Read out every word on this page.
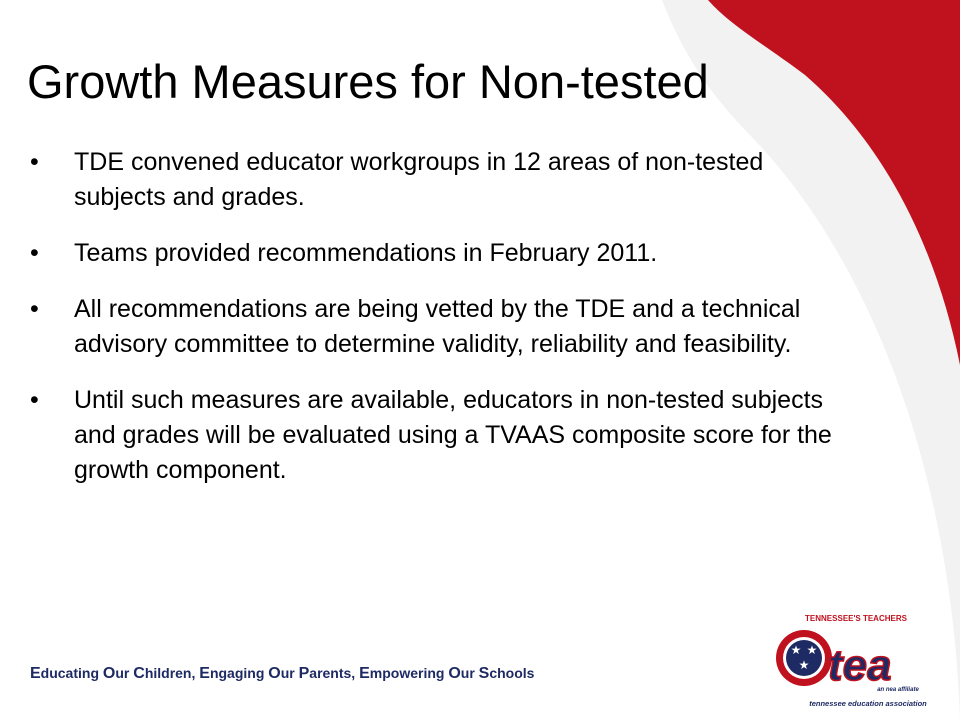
Growth Measures for Non-tested
• TDE convened educator workgroups in 12 areas of non-tested subjects and grades.
• Teams provided recommendations in February 2011.
• All recommendations are being vetted by the TDE and a technical advisory committee to determine validity, reliability and feasibility.
• Until such measures are available, educators in non-tested subjects and grades will be evaluated using a TVAAS composite score for the growth component.
Educating Our Children, Engaging Our Parents, Empowering Our Schools
TENNESSEE'S TEACHERS
★ ★
★ tea
an nea affiliate
tennessee education association
